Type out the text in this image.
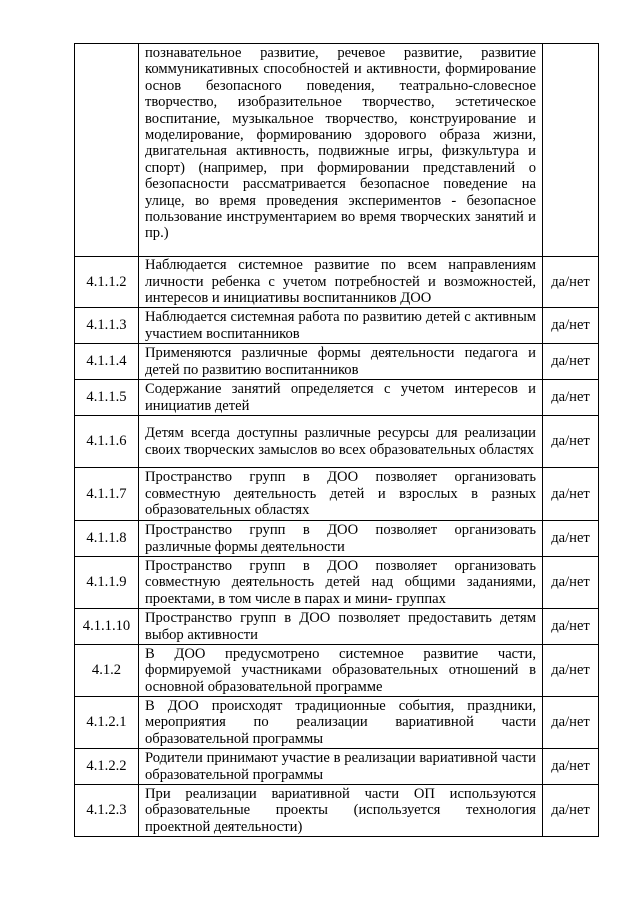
	познавательное развитие, речевое развитие, развитие коммуникативных способностей и активности, формирование основ безопасного поведения, театрально-словесное творчество, изобразительное творчество, эстетическое воспитание, музыкальное творчество, конструирование и моделирование, формированию здорового образа жизни, двигательная активность, подвижные игры, физкультура и спорт) (например, при формировании представлений о безопасности рассматривается безопасное поведение на улице, во время проведения экспериментов - безопасное пользование инструментарием во время творческих занятий и пр.)	
4.1.1.2	Наблюдается системное развитие по всем направлениям личности ребенка с учетом потребностей и возможностей, интересов и инициативы воспитанников ДОО	да/нет
4.1.1.3	Наблюдается системная работа по развитию детей с активным участием воспитанников	да/нет
4.1.1.4	Применяются различные формы деятельности педагога и детей по развитию воспитанников	да/нет
4.1.1.5	Содержание занятий определяется с учетом интересов и инициатив детей	да/нет
4.1.1.6	Детям всегда доступны различные ресурсы для реализации своих творческих замыслов во всех образовательных областях	да/нет
4.1.1.7	Пространство групп в ДОО позволяет организовать совместную деятельность детей и взрослых в разных образовательных областях	да/нет
4.1.1.8	Пространство групп в ДОО позволяет организовать различные формы деятельности	да/нет
4.1.1.9	Пространство групп в ДОО позволяет организовать совместную деятельность детей над общими заданиями, проектами, в том числе в парах и мини- группах	да/нет
4.1.1.10	Пространство групп в ДОО позволяет предоставить детям выбор активности	да/нет
4.1.2	В ДОО предусмотрено системное развитие части, формируемой участниками образовательных отношений в основной образовательной программе	да/нет
4.1.2.1	В ДОО происходят традиционные события, праздники, мероприятия по реализации вариативной части образовательной программы	да/нет
4.1.2.2	Родители принимают участие в реализации вариативной части образовательной программы	да/нет
4.1.2.3	При реализации вариативной части ОП используются образовательные проекты (используется технология проектной деятельности)	да/нет
